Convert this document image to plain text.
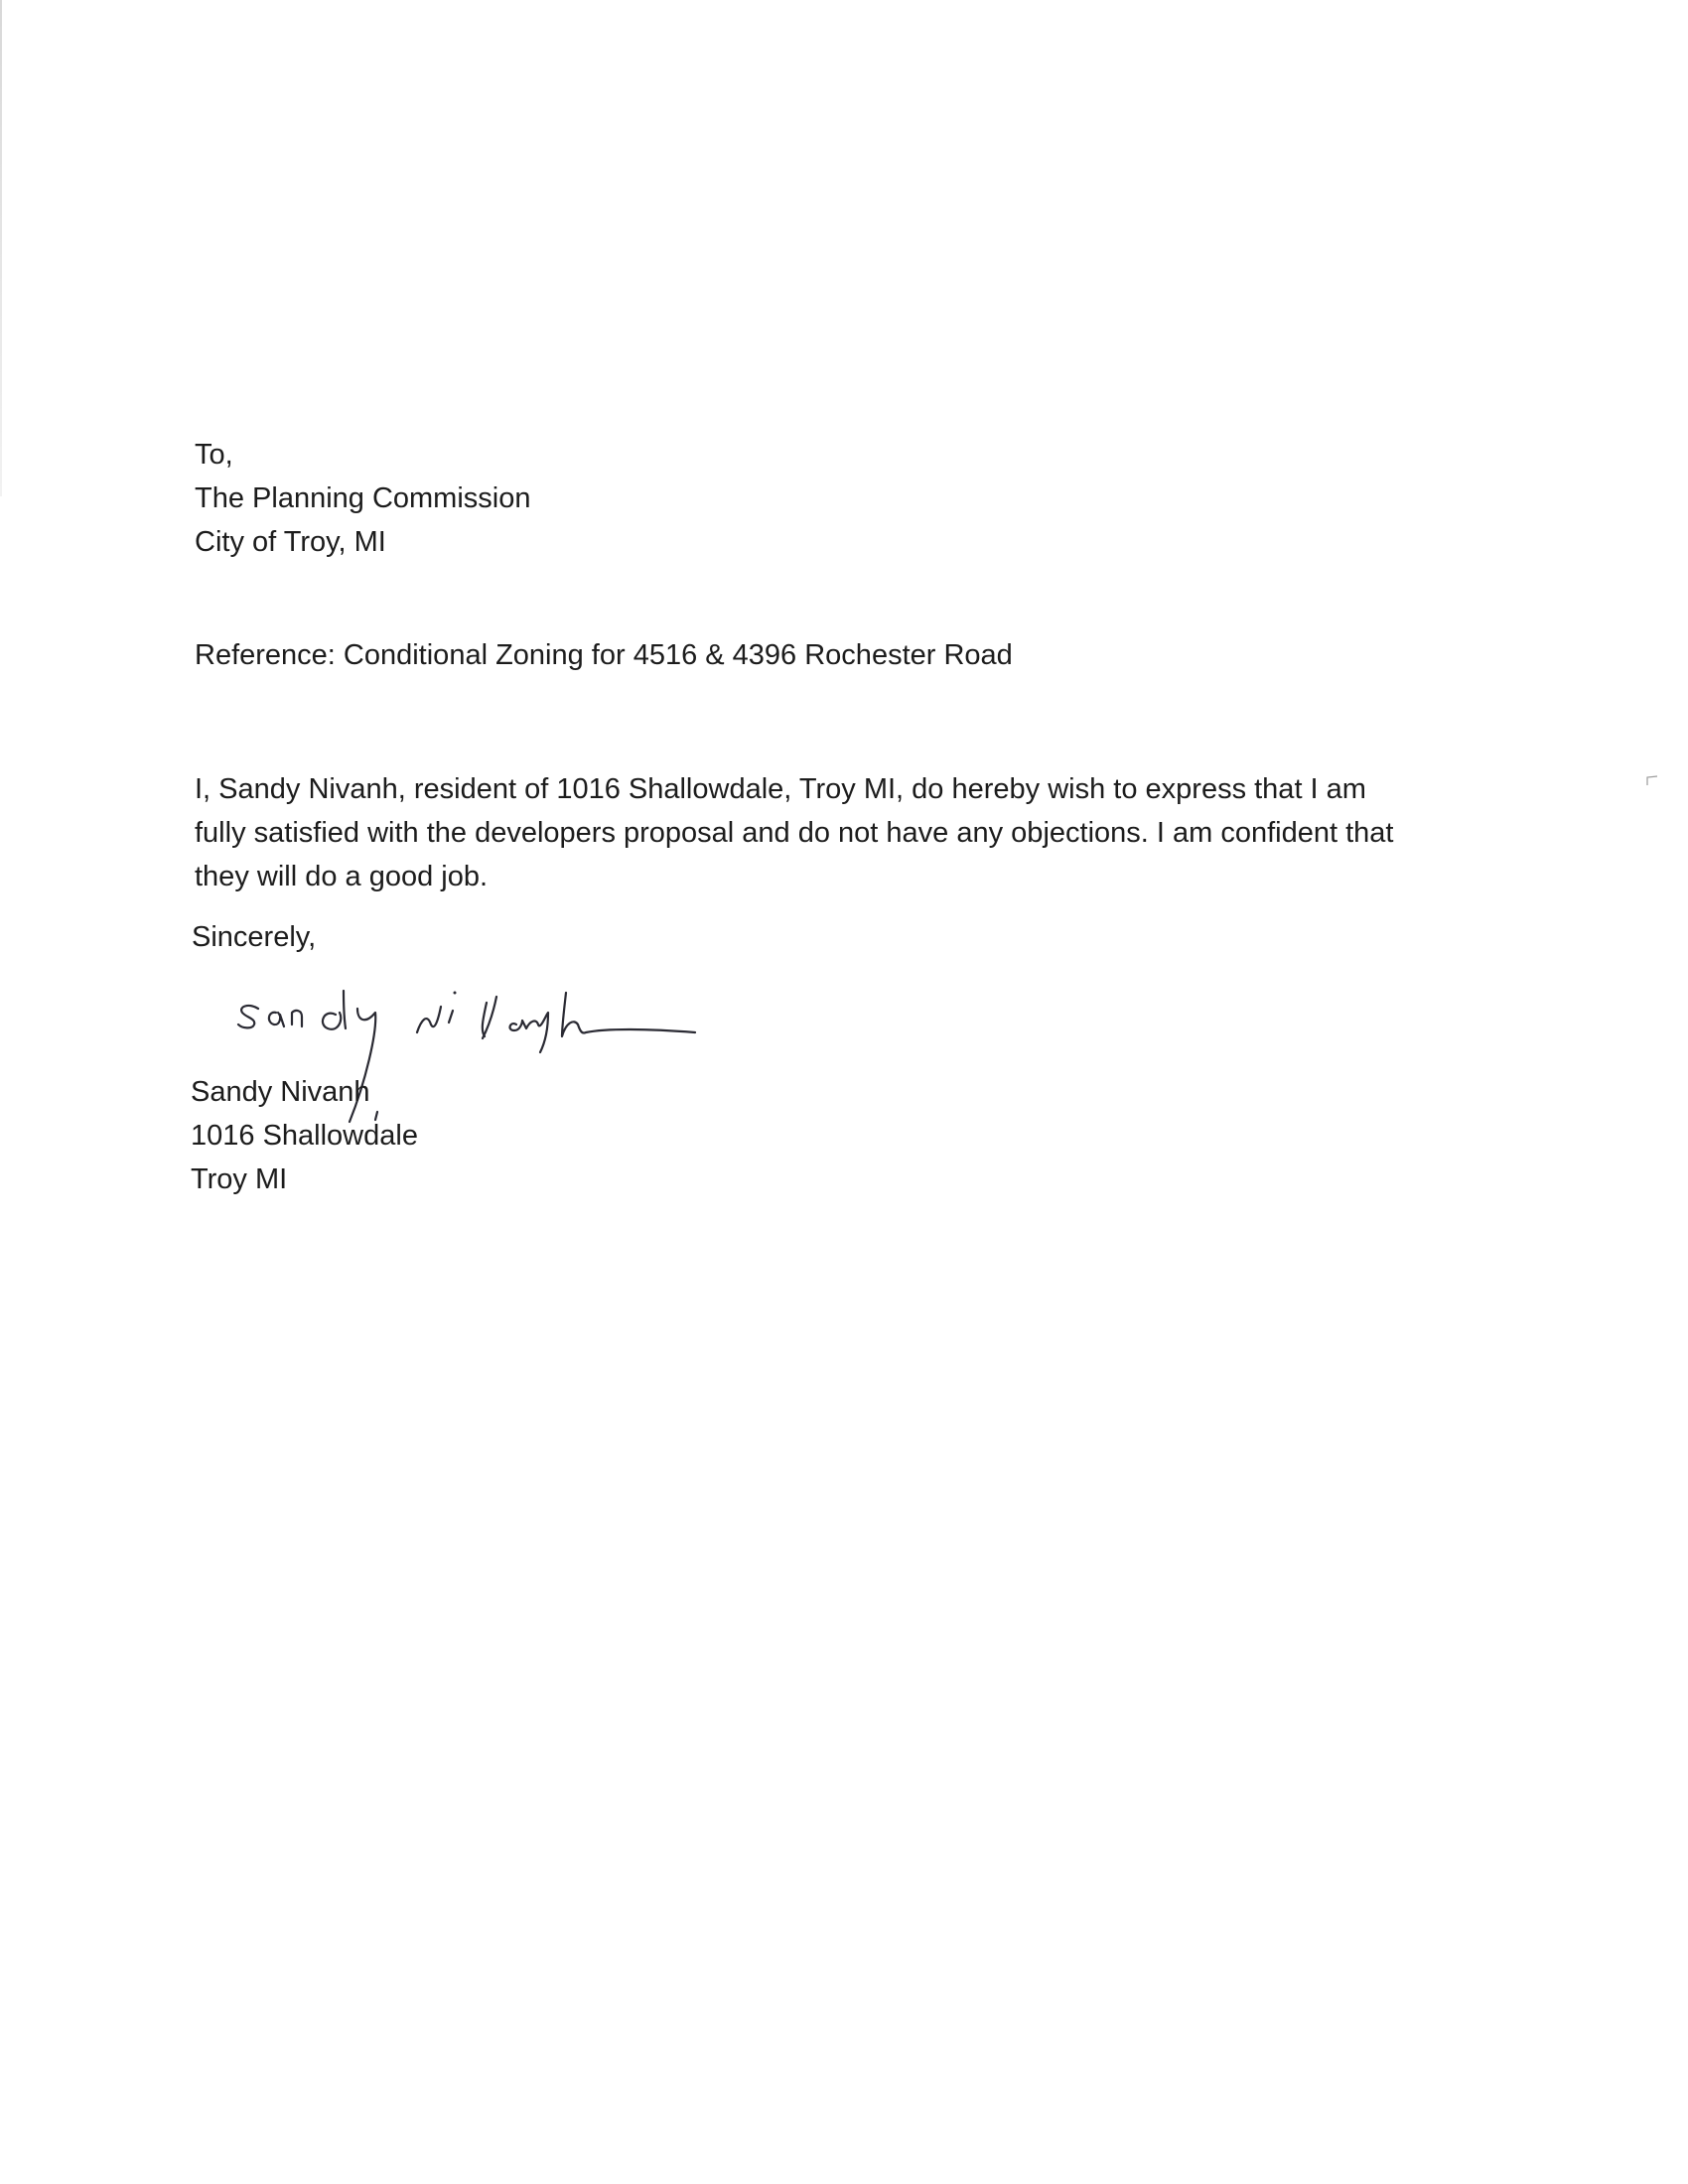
To,
The Planning Commission
City of Troy, MI
Reference: Conditional Zoning for 4516 & 4396 Rochester Road
I, Sandy Nivanh, resident of 1016 Shallowdale, Troy MI, do hereby wish to express that I am
fully satisfied with the developers proposal and do not have any objections. I am confident that
they will do a good job.
Sincerely,
Sandy Nivanh
1016 Shallowdale
Troy MI
